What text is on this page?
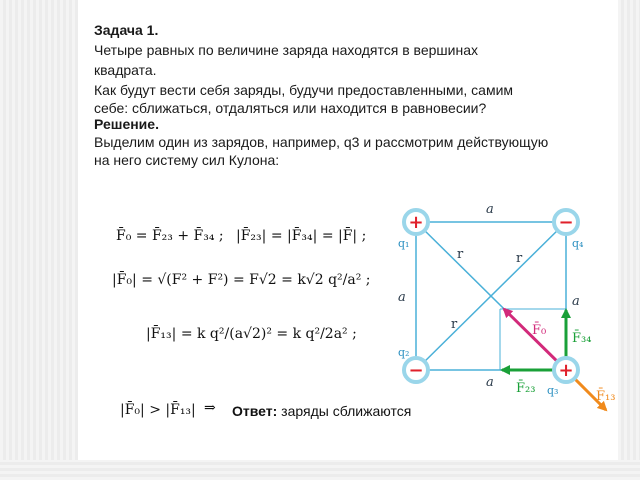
Задача 1.
Четыре равных по величине заряда находятся в вершинах
квадрата.
Как будут вести себя заряды, будучи предоставленными, самим
себе: сближаться, отдаляться или находится в равновесии?
Решение.
Выделим один из зарядов, например, q3 и рассмотрим действующую
на него систему сил Кулона:
F̄₀ = F̄₂₃ + F̄₃₄ ; |F̄₂₃| = |F̄₃₄| = |F̄| ;
|F̄₀| = √(F² + F²) = F√2 = k√2 q²/a² ;
|F̄₁₃| = k q²/(a√2)² = k q²/2a² ;
|F̄₀| > |F̄₁₃| ⇒ Ответ: заряды сближаются
+	−
−	+
a
a	a
a
r	r
r
q₁	q₄
q₂
q₃
F̄₀
F̄₃₄
F̄₂₃
F̄₁₃
